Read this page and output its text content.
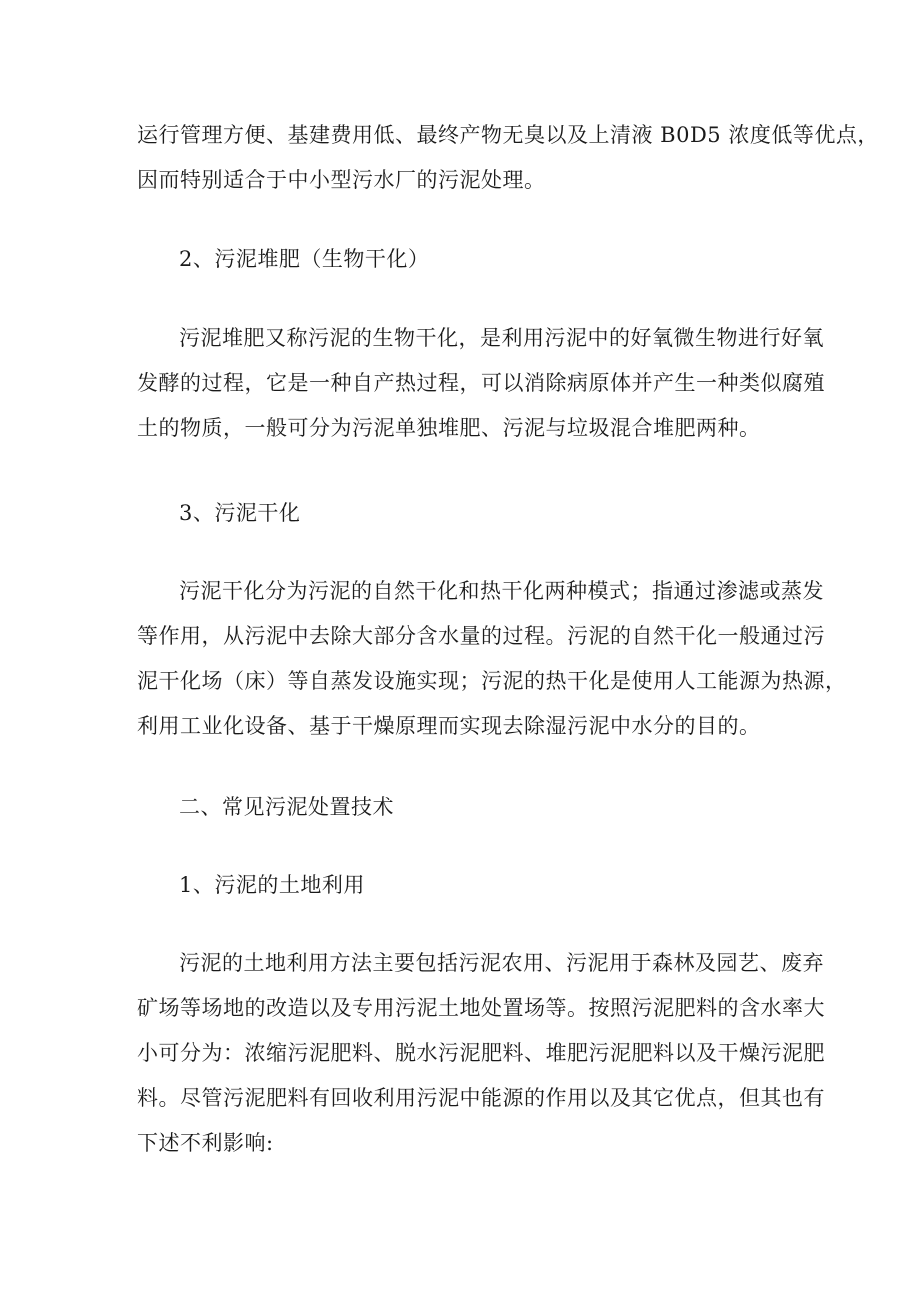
运行管理方便、基建费用低、最终产物无臭以及上清液 B0D5 浓度低等优点，
因而特别适合于中小型污水厂的污泥处理。
2、污泥堆肥（生物干化）
污泥堆肥又称污泥的生物干化，是利用污泥中的好氧微生物进行好氧
发酵的过程，它是一种自产热过程，可以消除病原体并产生一种类似腐殖
土的物质，一般可分为污泥单独堆肥、污泥与垃圾混合堆肥两种。
3、污泥干化
污泥干化分为污泥的自然干化和热干化两种模式；指通过渗滤或蒸发
等作用，从污泥中去除大部分含水量的过程。污泥的自然干化一般通过污
泥干化场（床）等自蒸发设施实现；污泥的热干化是使用人工能源为热源，
利用工业化设备、基于干燥原理而实现去除湿污泥中水分的目的。
二、常见污泥处置技术
1、污泥的土地利用
污泥的土地利用方法主要包括污泥农用、污泥用于森林及园艺、废弃
矿场等场地的改造以及专用污泥土地处置场等。按照污泥肥料的含水率大
小可分为：浓缩污泥肥料、脱水污泥肥料、堆肥污泥肥料以及干燥污泥肥
料。尽管污泥肥料有回收利用污泥中能源的作用以及其它优点，但其也有
下述不利影响:
